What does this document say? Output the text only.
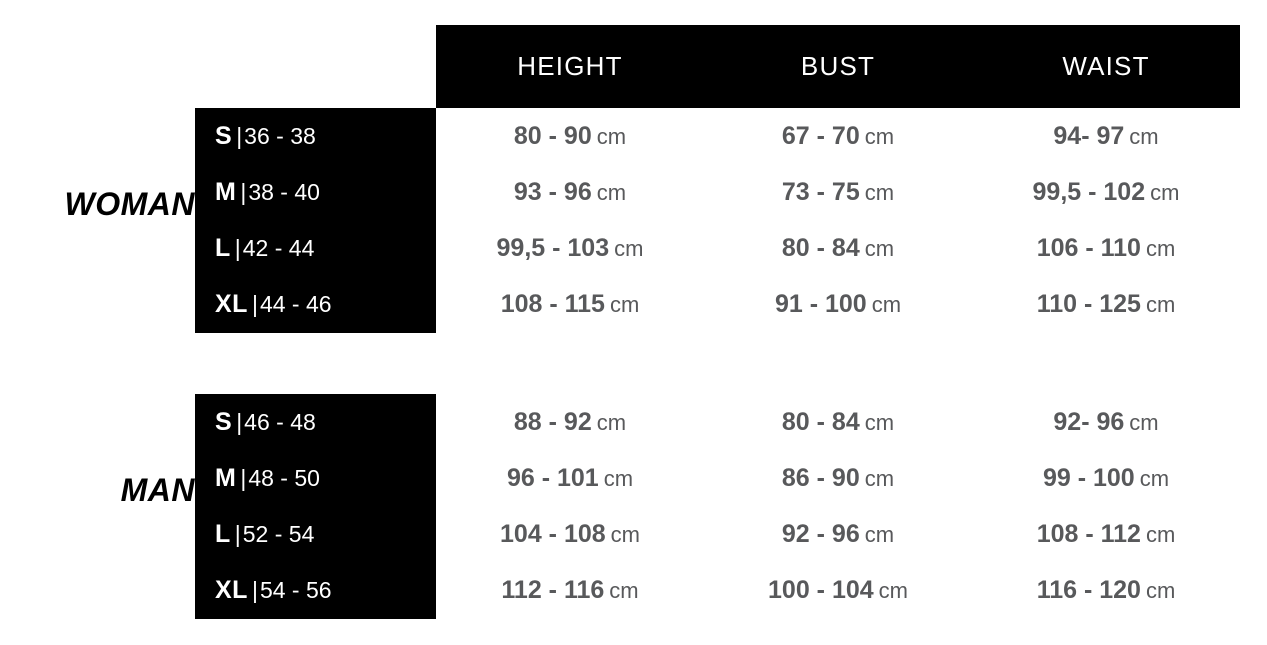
HEIGHT	BUST	WAIST
WOMAN
S |36 - 38	80 - 90 cm	67 - 70 cm	94- 97 cm
M |38 - 40	93 - 96 cm	73 - 75 cm	99,5 - 102 cm
L |42 - 44	99,5 - 103 cm	80 - 84 cm	106 - 110 cm
XL |44 - 46	108 - 115 cm	91 - 100 cm	110 - 125 cm
MAN
S |46 - 48	88 - 92 cm	80 - 84 cm	92- 96 cm
M |48 - 50	96 - 101 cm	86 - 90 cm	99 - 100 cm
L |52 - 54	104 - 108 cm	92 - 96 cm	108 - 112 cm
XL |54 - 56	112 - 116 cm	100 - 104 cm	116 - 120 cm
